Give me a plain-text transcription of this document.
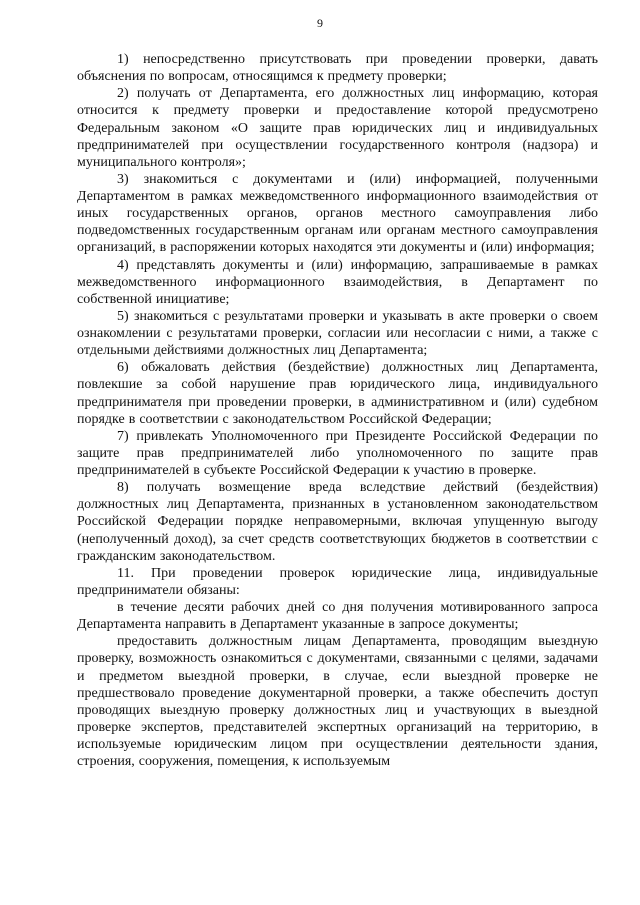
9

1) непосредственно присутствовать при проведении проверки, давать объяснения по вопросам, относящимся к предмету проверки;

2) получать от Департамента, его должностных лиц информацию, которая относится к предмету проверки и предоставление которой предусмотрено Федеральным законом «О защите прав юридических лиц и индивидуальных предпринимателей при осуществлении государственного контроля (надзора) и муниципального контроля»;

3) знакомиться с документами и (или) информацией, полученными Департаментом в рамках межведомственного информационного взаимодействия от иных государственных органов, органов местного самоуправления либо подведомственных государственным органам или органам местного самоуправления организаций, в распоряжении которых находятся эти документы и (или) информация;

4) представлять документы и (или) информацию, запрашиваемые в рамках межведомственного информационного взаимодействия, в Департамент по собственной инициативе;

5) знакомиться с результатами проверки и указывать в акте проверки о своем ознакомлении с результатами проверки, согласии или несогласии с ними, а также с отдельными действиями должностных лиц Департамента;

6) обжаловать действия (бездействие) должностных лиц Департамента, повлекшие за собой нарушение прав юридического лица, индивидуального предпринимателя при проведении проверки, в административном и (или) судебном порядке в соответствии с законодательством Российской Федерации;

7) привлекать Уполномоченного при Президенте Российской Федерации по защите прав предпринимателей либо уполномоченного по защите прав предпринимателей в субъекте Российской Федерации к участию в проверке.

8) получать возмещение вреда вследствие действий (бездействия) должностных лиц Департамента, признанных в установленном законодательством Российской Федерации порядке неправомерными, включая упущенную выгоду (неполученный доход), за счет средств соответствующих бюджетов в соответствии с гражданским законодательством.

11. При проведении проверок юридические лица, индивидуальные предприниматели обязаны:

в течение десяти рабочих дней со дня получения мотивированного запроса Департамента направить в Департамент указанные в запросе документы;

предоставить должностным лицам Департамента, проводящим выездную проверку, возможность ознакомиться с документами, связанными с целями, задачами и предметом выездной проверки, в случае, если выездной проверке не предшествовало проведение документарной проверки, а также обеспечить доступ проводящих выездную проверку должностных лиц и участвующих в выездной проверке экспертов, представителей экспертных организаций на территорию, в используемые юридическим лицом при осуществлении деятельности здания, строения, сооружения, помещения, к используемым
